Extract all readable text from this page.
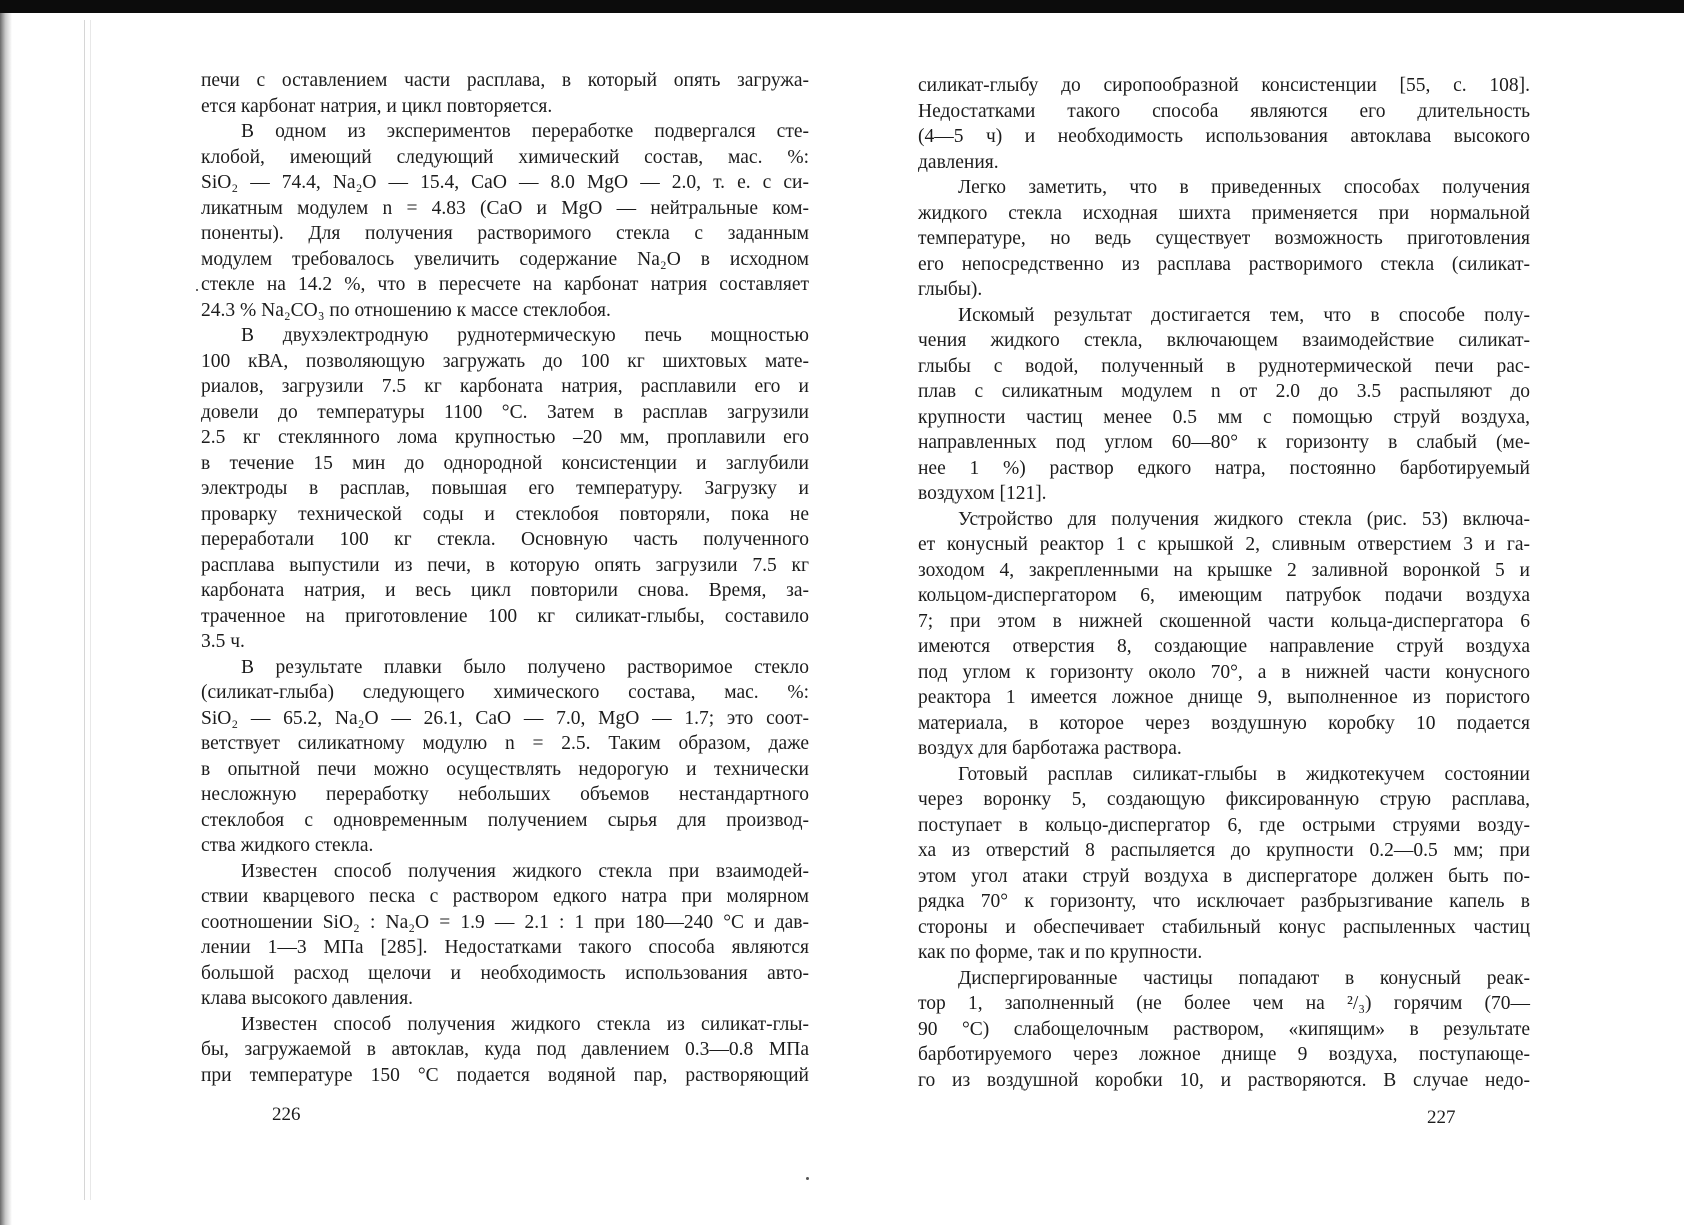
печи с оставлением части расплава, в который опять загружа-
ется карбонат натрия, и цикл повторяется.
В одном из экспериментов переработке подвергался сте-
клобой, имеющий следующий химический состав, мас. %:
SiO₂ — 74.4, Na₂O — 15.4, CaO — 8.0 MgO — 2.0, т. е. с си-
ликатным модулем n = 4.83 (CaO и MgO — нейтральные ком-
поненты). Для получения растворимого стекла с заданным
модулем требовалось увеличить содержание Na₂O в исходном
стекле на 14.2 %, что в пересчете на карбонат натрия составляет
24.3 % Na₂CO₃ по отношению к массе стеклобоя.
В двухэлектродную руднотермическую печь мощностью
100 кВА, позволяющую загружать до 100 кг шихтовых мате-
риалов, загрузили 7.5 кг карбоната натрия, расплавили его и
довели до температуры 1100 °С. Затем в расплав загрузили
2.5 кг стеклянного лома крупностью –20 мм, проплавили его
в течение 15 мин до однородной консистенции и заглубили
электроды в расплав, повышая его температуру. Загрузку и
проварку технической соды и стеклобоя повторяли, пока не
переработали 100 кг стекла. Основную часть полученного
расплава выпустили из печи, в которую опять загрузили 7.5 кг
карбоната натрия, и весь цикл повторили снова. Время, за-
траченное на приготовление 100 кг силикат-глыбы, составило
3.5 ч.
В результате плавки было получено растворимое стекло
(силикат-глыба) следующего химического состава, мас. %:
SiO₂ — 65.2, Na₂O — 26.1, CaO — 7.0, MgO — 1.7; это соот-
ветствует силикатному модулю n = 2.5. Таким образом, даже
в опытной печи можно осуществлять недорогую и технически
несложную переработку небольших объемов нестандартного
стеклобоя с одновременным получением сырья для производ-
ства жидкого стекла.
Известен способ получения жидкого стекла при взаимодей-
ствии кварцевого песка с раствором едкого натра при молярном
соотношении SiO₂ : Na₂O = 1.9 — 2.1 : 1 при 180—240 °С и дав-
лении 1—3 МПа [285]. Недостатками такого способа являются
большой расход щелочи и необходимость использования авто-
клава высокого давления.
Известен способ получения жидкого стекла из силикат-глы-
бы, загружаемой в автоклав, куда под давлением 0.3—0.8 МПа
при температуре 150 °С подается водяной пар, растворяющий
226
силикат-глыбу до сиропообразной консистенции [55, с. 108].
Недостатками такого способа являются его длительность
(4—5 ч) и необходимость использования автоклава высокого
давления.
Легко заметить, что в приведенных способах получения
жидкого стекла исходная шихта применяется при нормальной
температуре, но ведь существует возможность приготовления
его непосредственно из расплава растворимого стекла (силикат-
глыбы).
Искомый результат достигается тем, что в способе полу-
чения жидкого стекла, включающем взаимодействие силикат-
глыбы с водой, полученный в руднотермической печи рас-
плав с силикатным модулем n от 2.0 до 3.5 распыляют до
крупности частиц менее 0.5 мм с помощью струй воздуха,
направленных под углом 60—80° к горизонту в слабый (ме-
нее 1 %) раствор едкого натра, постоянно барботируемый
воздухом [121].
Устройство для получения жидкого стекла (рис. 53) включа-
ет конусный реактор 1 с крышкой 2, сливным отверстием 3 и га-
зоходом 4, закрепленными на крышке 2 заливной воронкой 5 и
кольцом-диспергатором 6, имеющим патрубок подачи воздуха
7; при этом в нижней скошенной части кольца-диспергатора 6
имеются отверстия 8, создающие направление струй воздуха
под углом к горизонту около 70°, а в нижней части конусного
реактора 1 имеется ложное днище 9, выполненное из пористого
материала, в которое через воздушную коробку 10 подается
воздух для барботажа раствора.
Готовый расплав силикат-глыбы в жидкотекучем состоянии
через воронку 5, создающую фиксированную струю расплава,
поступает в кольцо-диспергатор 6, где острыми струями возду-
ха из отверстий 8 распыляется до крупности 0.2—0.5 мм; при
этом угол атаки струй воздуха в диспергаторе должен быть по-
рядка 70° к горизонту, что исключает разбрызгивание капель в
стороны и обеспечивает стабильный конус распыленных частиц
как по форме, так и по крупности.
Диспергированные частицы попадают в конусный реак-
тор 1, заполненный (не более чем на ²/₃) горячим (70—
90 °С) слабощелочным раствором, «кипящим» в результате
барботируемого через ложное днище 9 воздуха, поступающе-
го из воздушной коробки 10, и растворяются. В случае недо-
227
